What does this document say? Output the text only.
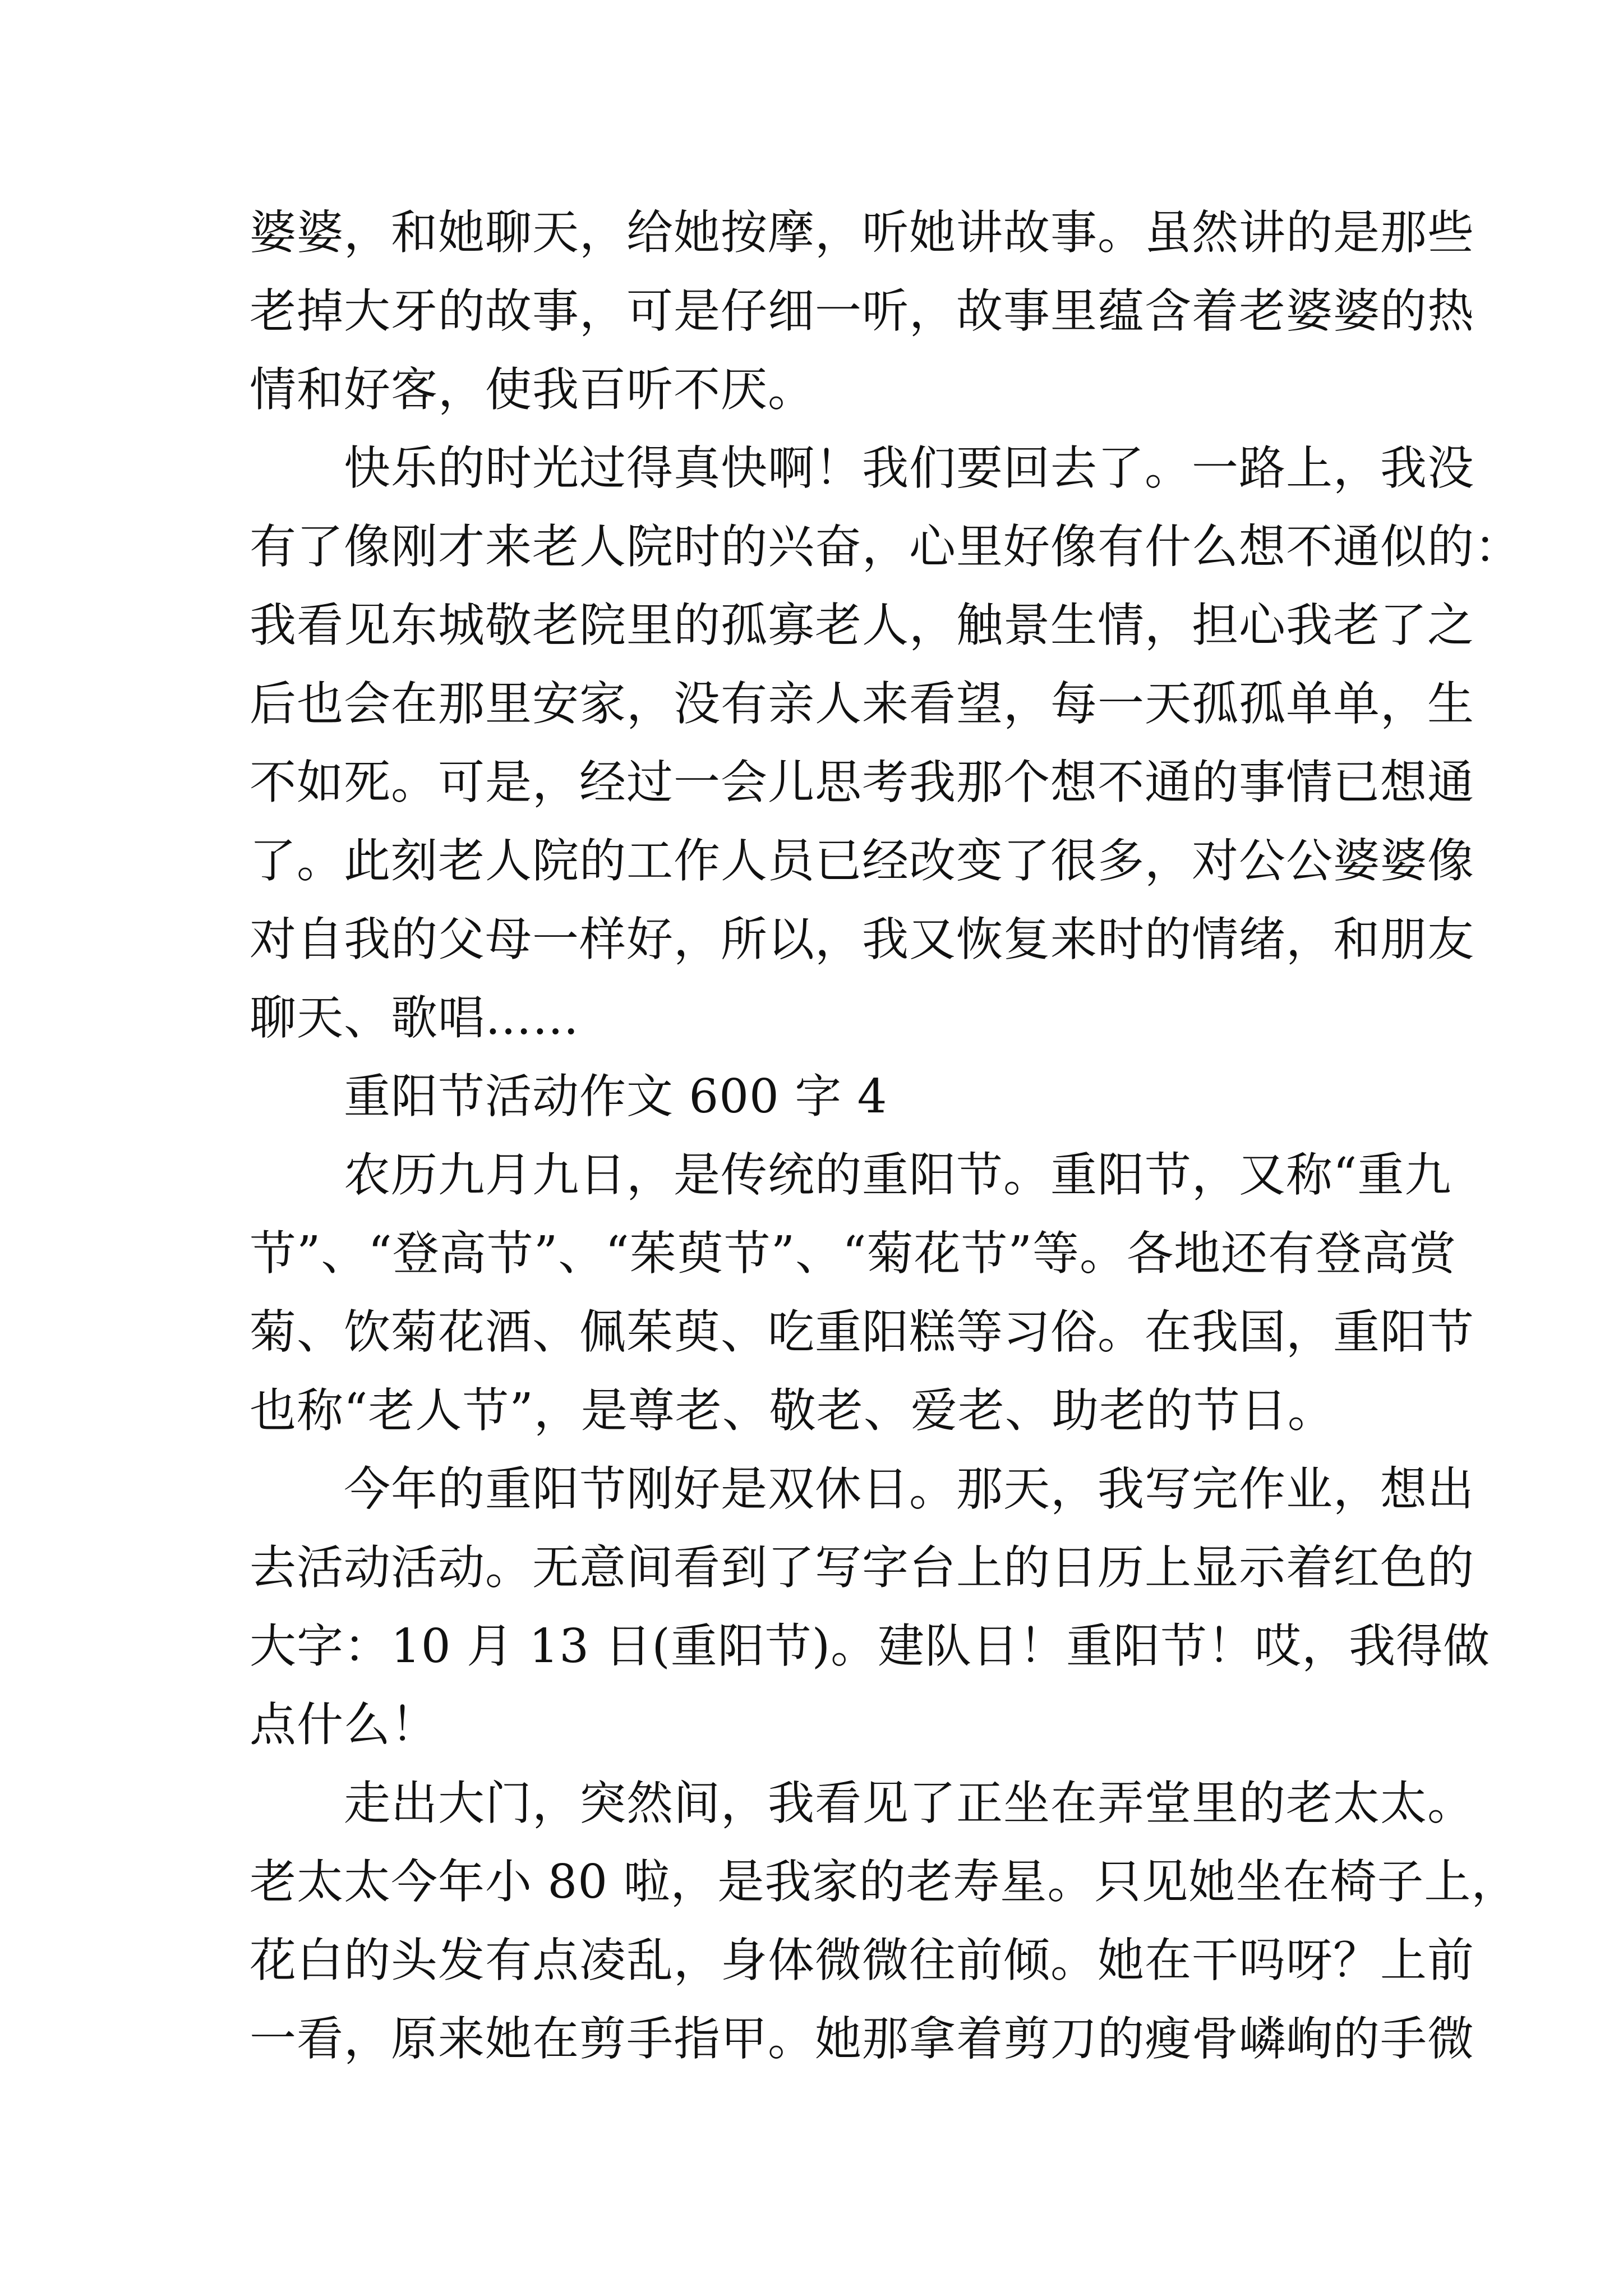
婆婆，和她聊天，给她按摩，听她讲故事。虽然讲的是那些
老掉大牙的故事，可是仔细一听，故事里蕴含着老婆婆的热
情和好客，使我百听不厌。
快乐的时光过得真快啊！我们要回去了。一路上，我没
有了像刚才来老人院时的兴奋，心里好像有什么想不通似的：
我看见东城敬老院里的孤寡老人，触景生情，担心我老了之
后也会在那里安家，没有亲人来看望，每一天孤孤单单，生
不如死。可是，经过一会儿思考我那个想不通的事情已想通
了。此刻老人院的工作人员已经改变了很多，对公公婆婆像
对自我的父母一样好，所以，我又恢复来时的情绪，和朋友
聊天、歌唱……
重阳节活动作文 600 字 4
农历九月九日，是传统的重阳节。重阳节，又称“重九
节”、“登高节”、“茱萸节”、“菊花节”等。各地还有登高赏
菊、饮菊花酒、佩茱萸、吃重阳糕等习俗。在我国，重阳节
也称“老人节”，是尊老、敬老、爱老、助老的节日。
今年的重阳节刚好是双休日。那天，我写完作业，想出
去活动活动。无意间看到了写字台上的日历上显示着红色的
大字：10 月 13 日(重阳节)。建队日！重阳节！哎，我得做
点什么！
走出大门，突然间，我看见了正坐在弄堂里的老太太。
老太太今年小 80 啦，是我家的老寿星。只见她坐在椅子上，
花白的头发有点凌乱，身体微微往前倾。她在干吗呀？上前
一看，原来她在剪手指甲。她那拿着剪刀的瘦骨嶙峋的手微
